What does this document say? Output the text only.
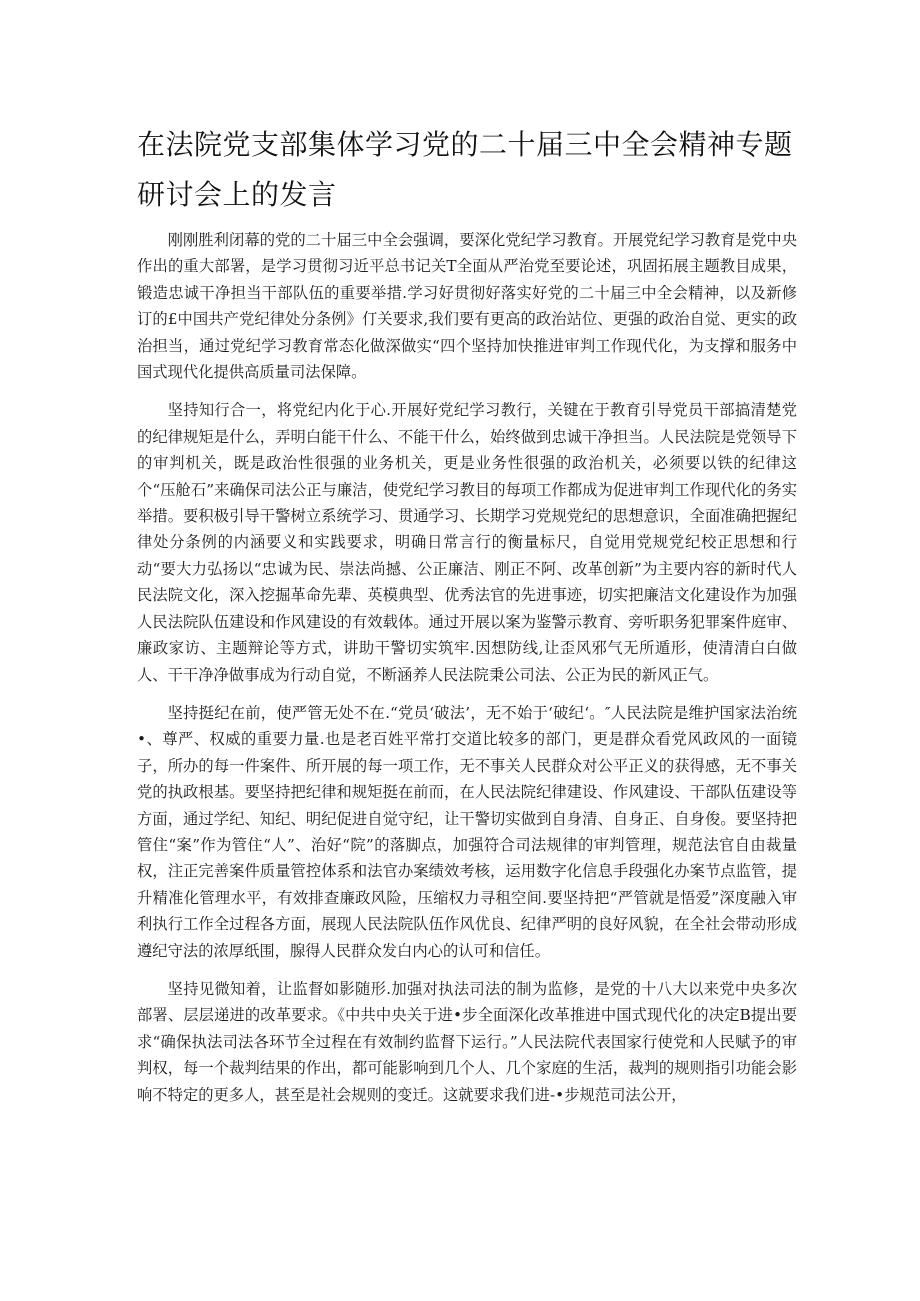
在法院党支部集体学习党的二十届三中全会精神专题研讨会上的发言

刚刚胜利闭幕的党的二十届三中全会强调，要深化党纪学习教育。开展党纪学习教育是党中央作出的重大部署，是学习贯彻习近平总书记关T全面从严治党至要论述，巩固拓展主题教目成果，锻造忠诚干净担当干部队伍的重要举措.学习好贯彻好落实好党的二十届三中全会精神，以及新修订的£中国共产党纪律处分条例》仃关要求,我们要有更高的政治站位、更强的政治自觉、更实的政治担当，通过党纪学习教育常态化做深做实“四个坚持加快推进审判工作现代化，为支撑和服务中国式现代化提供高质量司法保障。

坚持知行合一，将党纪内化于心.开展好党纪学习教行，关键在于教育引导党员干部搞清楚党的纪律规矩是什么，弄明白能干什么、不能干什么，始终做到忠诚干净担当。人民法院是党领导下的审判机关，既是政治性很强的业务机关，更是业务性很强的政治机关，必须要以铁的纪律这个“压舱石”来确保司法公正与廉洁，使党纪学习教目的每项工作都成为促进审判工作现代化的务实举措。要积极引导干警树立系统学习、贯通学习、长期学习党规党纪的思想意识，全面准确把握纪律处分条例的内涵要义和实践要求，明确日常言行的衡量标尺，自觉用党规党纪校正思想和行动“要大力弘扬以“忠诚为民、崇法尚撼、公正廉洁、刚正不阿、改革创新”为主要内容的新时代人民法院文化，深入挖掘革命先辈、英模典型、优秀法官的先进事迹，切实把廉洁文化建设作为加强人民法院队伍建设和作风建设的有效载体。通过开展以案为鉴警示教育、旁听职务犯罪案件庭审、廉政家访、主题辩论等方式，讲助干警切实筑牢.因想防线,让歪风邪气无所遁形，使清清白白做人、干干净净做事成为行动自觉，不断涵养人民法院秉公司法、公正为民的新风正气。

坚持挺纪在前，使严管无处不在.“党员‘破法’，无不始于‘破纪‘。″人民法院是维护国家法治统•、尊严、权威的重要力量.也是老百姓平常打交道比较多的部门，更是群众看党风政风的一面镜子，所办的每一件案件、所开展的每一项工作，无不事关人民群众对公平正义的获得感，无不事关党的执政根基。要坚持把纪律和规矩挺在前而，在人民法院纪律建设、作风建设、干部队伍建设等方面，通过学纪、知纪、明纪促进自觉守纪，让干警切实做到自身清、自身正、自身俊。要坚持把管住“案”作为管住“人”、治好“院”的落脚点，加强符合司法规律的审判管理，规范法官自由裁量权，注正完善案件质量管控体系和法官办案绩效考核，运用数字化信息手段强化办案节点监管，提升精准化管理水平，有效排查廉政风险，压缩权力寻租空间.要坚持把“严管就是悟爱”深度融入审利执行工作全过程各方面，展现人民法院队伍作风优良、纪律严明的良好风貌，在全社会带动形成遵纪守法的浓厚纸围，腺得人民群众发白内心的认可和信任。

坚持见微知着，让监督如影随形.加强对执法司法的制为监修，是党的十八大以来党中央多次部署、层层递进的改革要求。《中共中央关于进•步全面深化改革推进中国式现代化的决定B提出要求“确保执法司法各环节全过程在有效制约监督下运行。”人民法院代表国家行使党和人民赋予的审判权，每一个裁判结果的作出，都可能影响到几个人、几个家庭的生活，裁判的规则指引功能会影响不特定的更多人，甚至是社会规则的变迁。这就要求我们进-•步规范司法公开，
